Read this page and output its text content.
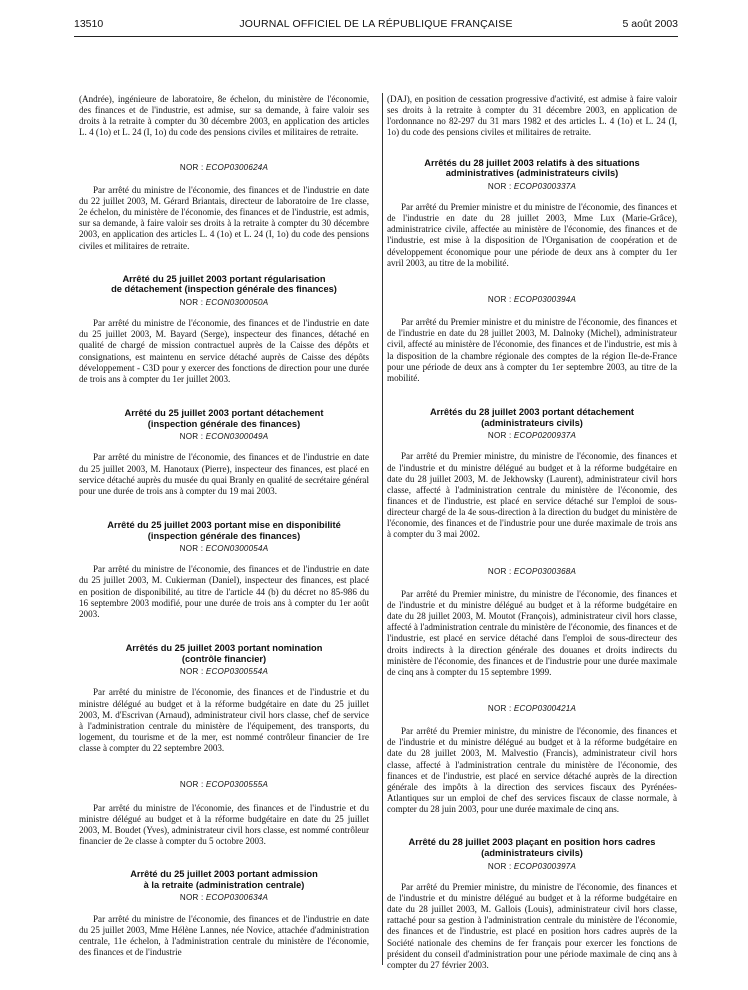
13510	JOURNAL OFFICIEL DE LA RÉPUBLIQUE FRANÇAISE	5 août 2003

(Andrée), ingénieure de laboratoire, 8e échelon, du ministère de l'économie, des finances et de l'industrie, est admise, sur sa demande, à faire valoir ses droits à la retraite à compter du 30 décembre 2003, en application des articles L. 4 (1o) et L. 24 (I, 1o) du code des pensions civiles et militaires de retraite.

NOR : ECOP0300624A

Par arrêté du ministre de l'économie, des finances et de l'industrie en date du 22 juillet 2003, M. Gérard Briantais, directeur de laboratoire de 1re classe, 2e échelon, du ministère de l'économie, des finances et de l'industrie, est admis, sur sa demande, à faire valoir ses droits à la retraite à compter du 30 décembre 2003, en application des articles L. 4 (1o) et L. 24 (I, 1o) du code des pensions civiles et militaires de retraite.

Arrêté du 25 juillet 2003 portant régularisation
de détachement (inspection générale des finances)

NOR : ECON0300050A

Par arrêté du ministre de l'économie, des finances et de l'industrie en date du 25 juillet 2003, M. Bayard (Serge), inspecteur des finances, détaché en qualité de chargé de mission contractuel auprès de la Caisse des dépôts et consignations, est maintenu en service détaché auprès de Caisse des dépôts développement - C3D pour y exercer des fonctions de direction pour une durée de trois ans à compter du 1er juillet 2003.

Arrêté du 25 juillet 2003 portant détachement
(inspection générale des finances)

NOR : ECON0300049A

Par arrêté du ministre de l'économie, des finances et de l'industrie en date du 25 juillet 2003, M. Hanotaux (Pierre), inspecteur des finances, est placé en service détaché auprès du musée du quai Branly en qualité de secrétaire général pour une durée de trois ans à compter du 19 mai 2003.

Arrêté du 25 juillet 2003 portant mise en disponibilité
(inspection générale des finances)

NOR : ECON0300054A

Par arrêté du ministre de l'économie, des finances et de l'industrie en date du 25 juillet 2003, M. Cukierman (Daniel), inspecteur des finances, est placé en position de disponibilité, au titre de l'article 44 (b) du décret no 85-986 du 16 septembre 2003 modifié, pour une durée de trois ans à compter du 1er août 2003.

Arrêtés du 25 juillet 2003 portant nomination
(contrôle financier)

NOR : ECOP0300554A

Par arrêté du ministre de l'économie, des finances et de l'industrie et du ministre délégué au budget et à la réforme budgétaire en date du 25 juillet 2003, M. d'Escrivan (Arnaud), administrateur civil hors classe, chef de service à l'administration centrale du ministère de l'équipement, des transports, du logement, du tourisme et de la mer, est nommé contrôleur financier de 1re classe à compter du 22 septembre 2003.

NOR : ECOP0300555A

Par arrêté du ministre de l'économie, des finances et de l'industrie et du ministre délégué au budget et à la réforme budgétaire en date du 25 juillet 2003, M. Boudet (Yves), administrateur civil hors classe, est nommé contrôleur financier de 2e classe à compter du 5 octobre 2003.

Arrêté du 25 juillet 2003 portant admission
à la retraite (administration centrale)

NOR : ECOP0300634A

Par arrêté du ministre de l'économie, des finances et de l'industrie en date du 25 juillet 2003, Mme Hélène Lannes, née Novice, attachée d'administration centrale, 11e échelon, à l'administration centrale du ministère de l'économie, des finances et de l'industrie

(DAJ), en position de cessation progressive d'activité, est admise à faire valoir ses droits à la retraite à compter du 31 décembre 2003, en application de l'ordonnance no 82-297 du 31 mars 1982 et des articles L. 4 (1o) et L. 24 (I, 1o) du code des pensions civiles et militaires de retraite.

Arrêtés du 28 juillet 2003 relatifs à des situations
administratives (administrateurs civils)

NOR : ECOP0300337A

Par arrêté du Premier ministre et du ministre de l'économie, des finances et de l'industrie en date du 28 juillet 2003, Mme Lux (Marie-Grâce), administratrice civile, affectée au ministère de l'économie, des finances et de l'industrie, est mise à la disposition de l'Organisation de coopération et de développement économique pour une période de deux ans à compter du 1er avril 2003, au titre de la mobilité.

NOR : ECOP0300394A

Par arrêté du Premier ministre et du ministre de l'économie, des finances et de l'industrie en date du 28 juillet 2003, M. Dalnoky (Michel), administrateur civil, affecté au ministère de l'économie, des finances et de l'industrie, est mis à la disposition de la chambre régionale des comptes de la région Ile-de-France pour une période de deux ans à compter du 1er septembre 2003, au titre de la mobilité.

Arrêtés du 28 juillet 2003 portant détachement
(administrateurs civils)

NOR : ECOP0200937A

Par arrêté du Premier ministre, du ministre de l'économie, des finances et de l'industrie et du ministre délégué au budget et à la réforme budgétaire en date du 28 juillet 2003, M. de Jekhowsky (Laurent), administrateur civil hors classe, affecté à l'administration centrale du ministère de l'économie, des finances et de l'industrie, est placé en service détaché sur l'emploi de sous-directeur chargé de la 4e sous-direction à la direction du budget du ministère de l'économie, des finances et de l'industrie pour une durée maximale de trois ans à compter du 3 mai 2002.

NOR : ECOP0300368A

Par arrêté du Premier ministre, du ministre de l'économie, des finances et de l'industrie et du ministre délégué au budget et à la réforme budgétaire en date du 28 juillet 2003, M. Moutot (François), administrateur civil hors classe, affecté à l'administration centrale du ministère de l'économie, des finances et de l'industrie, est placé en service détaché dans l'emploi de sous-directeur des droits indirects à la direction générale des douanes et droits indirects du ministère de l'économie, des finances et de l'industrie pour une durée maximale de cinq ans à compter du 15 septembre 1999.

NOR : ECOP0300421A

Par arrêté du Premier ministre, du ministre de l'économie, des finances et de l'industrie et du ministre délégué au budget et à la réforme budgétaire en date du 28 juillet 2003, M. Malvestio (Francis), administrateur civil hors classe, affecté à l'administration centrale du ministère de l'économie, des finances et de l'industrie, est placé en service détaché auprès de la direction générale des impôts à la direction des services fiscaux des Pyrénées-Atlantiques sur un emploi de chef des services fiscaux de classe normale, à compter du 28 juin 2003, pour une durée maximale de cinq ans.

Arrêté du 28 juillet 2003 plaçant en position hors cadres
(administrateurs civils)

NOR : ECOP0300397A

Par arrêté du Premier ministre, du ministre de l'économie, des finances et de l'industrie et du ministre délégué au budget et à la réforme budgétaire en date du 28 juillet 2003, M. Gallois (Louis), administrateur civil hors classe, rattaché pour sa gestion à l'administration centrale du ministère de l'économie, des finances et de l'industrie, est placé en position hors cadres auprès de la Société nationale des chemins de fer français pour exercer les fonctions de président du conseil d'administration pour une période maximale de cinq ans à compter du 27 février 2003.
